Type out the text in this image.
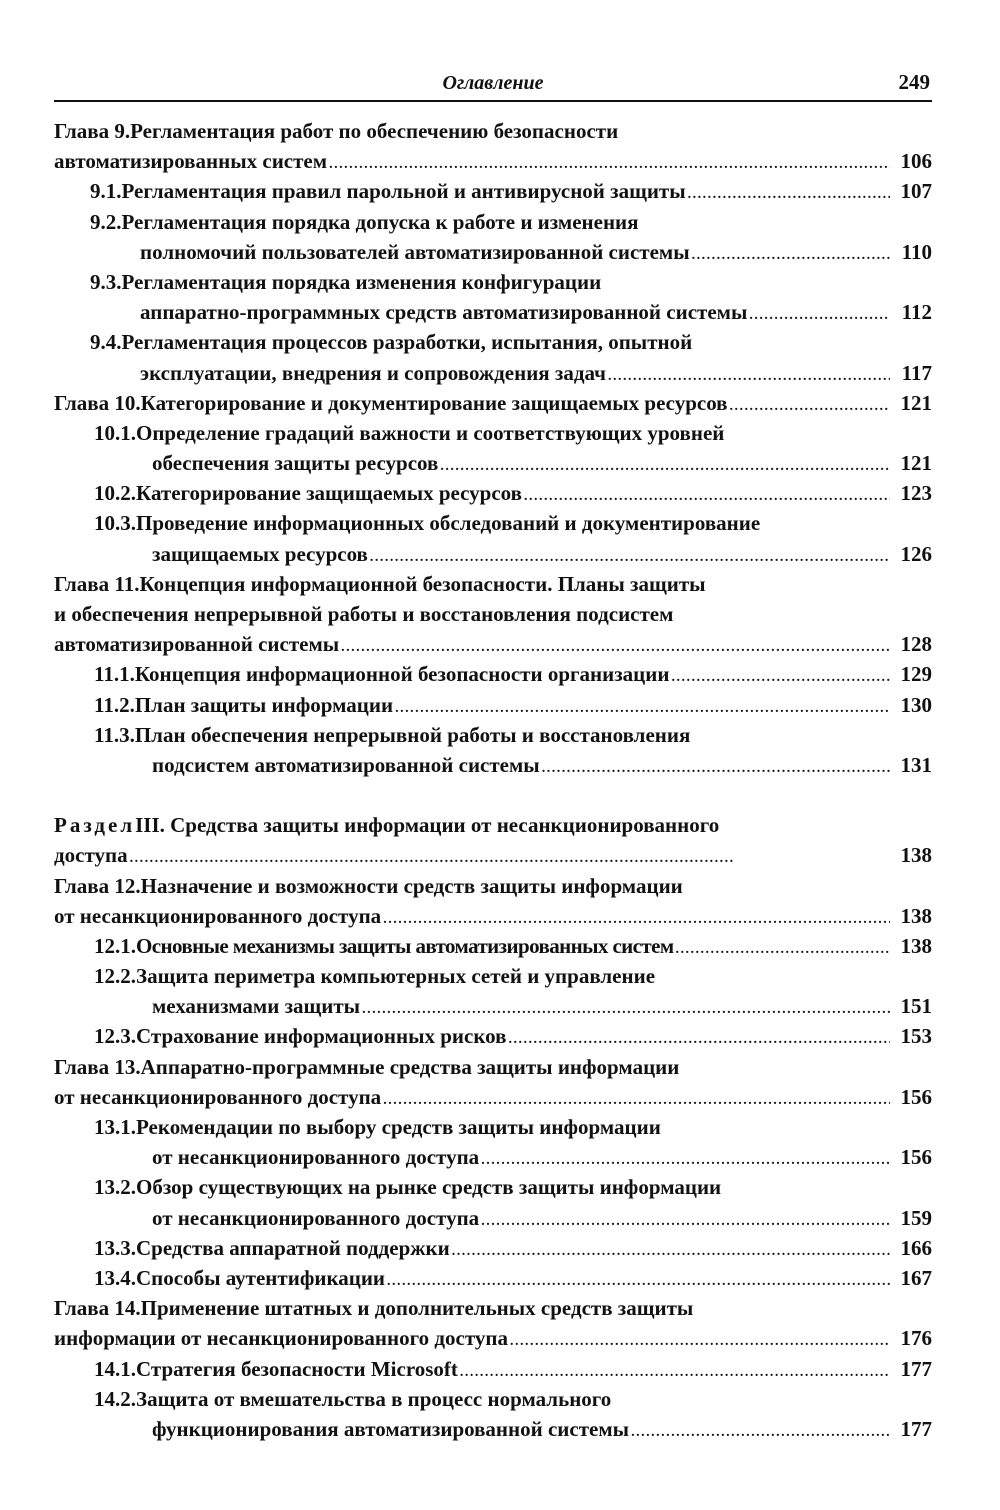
Оглавление	249
Глава 9. Регламентация работ по обеспечению безопасности
автоматизированных систем . . .	106
9.1. Регламентация правил парольной и антивирусной защиты . . .	107
9.2. Регламентация порядка допуска к работе и изменения
полномочий пользователей автоматизированной системы . . .	110
9.3. Регламентация порядка изменения конфигурации
аппаратно-программных средств автоматизированной системы . . .	112
9.4. Регламентация процессов разработки, испытания, опытной
эксплуатации, внедрения и сопровождения задач . . .	117
Глава 10. Категорирование и документирование защищаемых ресурсов . . .	121
10.1. Определение градаций важности и соответствующих уровней
обеспечения защиты ресурсов . . .	121
10.2. Категорирование защищаемых ресурсов . . .	123
10.3. Проведение информационных обследований и документирование
защищаемых ресурсов . . .	126
Глава 11. Концепция информационной безопасности. Планы защиты
и обеспечения непрерывной работы и восстановления подсистем
автоматизированной системы . . .	128
11.1. Концепция информационной безопасности организации . . .	129
11.2. План защиты информации . . .	130
11.3. План обеспечения непрерывной работы и восстановления
подсистем автоматизированной системы . . .	131
Раздел III. Средства защиты информации от несанкционированного
доступа . . .	138
Глава 12. Назначение и возможности средств защиты информации
от несанкционированного доступа . . .	138
12.1. Основные механизмы защиты автоматизированных систем . . .	138
12.2. Защита периметра компьютерных сетей и управление
механизмами защиты . . .	151
12.3. Страхование информационных рисков . . .	153
Глава 13. Аппаратно-программные средства защиты информации
от несанкционированного доступа . . .	156
13.1. Рекомендации по выбору средств защиты информации
от несанкционированного доступа . . .	156
13.2. Обзор существующих на рынке средств защиты информации
от несанкционированного доступа . . .	159
13.3. Средства аппаратной поддержки . . .	166
13.4. Способы аутентификации . . .	167
Глава 14. Применение штатных и дополнительных средств защиты
информации от несанкционированного доступа . . .	176
14.1. Стратегия безопасности Microsoft . . .	177
14.2. Защита от вмешательства в процесс нормального
функционирования автоматизированной системы . . .	177
